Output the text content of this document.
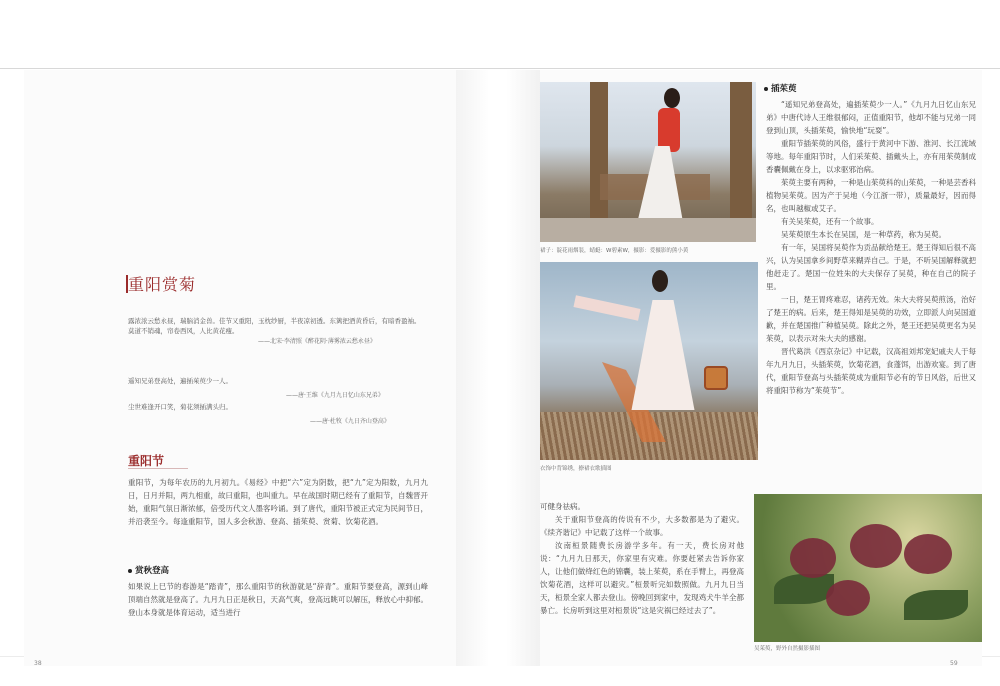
重阳赏菊
露浓浓云愁永昼，瑞脑消金兽。佳节又重阳，玉枕纱厨，半夜凉初透。东篱把酒黄昏后，有暗香盈袖。莫道不销魂，帘卷西风，人比黄花瘦。
——北宋·李清照《醉花阴·薄雾浓云愁永昼》
遥知兄弟登高处，遍插茱萸少一人。
——唐·王维《九月九日忆山东兄弟》
尘世难逢开口笑，菊花须插满头归。
——唐·杜牧《九日齐山登高》
重阳节
重阳节，为每年农历的九月初九。《易经》中把“六”定为阴数，把“九”定为阳数，九月九日，日月并阳，两九相重，故曰重阳，也叫重九。早在战国时期已经有了重阳节，自魏晋开始，重阳气氛日渐浓郁，倍受历代文人墨客吟诵。到了唐代，重阳节被正式定为民间节日，并沿袭至今。每逢重阳节，国人多会秋游、登高、插茱萸、赏菊、饮菊花酒。
赏秋登高
如果说上巳节的春游是“踏青”，那么重阳节的秋游就是“辞青”。重阳节要登高，源到山峰顶端自然就是登高了。九月九日正是秋日，天高气爽，登高远眺可以解压，释放心中抑郁。登山本身就是体育运动，适当进行
38	59
裙子：靛花雨烟装，蜻蜓：W碧素W，摄影：爱摄影的熊小黄
衣饰中背锦绣，撩裙衣歌插图
吴茱萸，野外自然摄影插图
插茱萸
“遥知兄弟登高处，遍插茱萸少一人。”《九月九日忆山东兄弟》中唐代诗人王维很郁闷，正值重阳节，他却不能与兄弟一同登到山顶，头插茱萸，愉快地“玩耍”。
重阳节插茱萸的风俗，盛行于黄河中下游、淮河、长江流域等地。每年重阳节时，人们采茱萸、插戴头上，亦有用茱萸制成香囊佩戴在身上，以求驱邪治病。
茱萸主要有两种，一种是山茱萸科的山茱萸，一种是芸香科植物吴茱萸。因为产于吴地（今江浙一带），质量最好，因而得名，也叫越椒或艾子。
有关吴茱萸，还有一个故事。
吴茱萸原生本长在吴国，是一种草药，称为吴萸。
有一年，吴国将吴萸作为贡品献给楚王。楚王得知后很不高兴，认为吴国拿乡间野草来糊弄自己。于是，不听吴国解释就把他赶走了。楚国一位姓朱的大夫保存了吴萸，种在自己的院子里。
一日，楚王胃疼难忍，诸药无效。朱大夫将吴萸煎汤，治好了楚王的病。后来，楚王得知是吴萸的功效，立即派人向吴国道歉，并在楚国推广种植吴萸。除此之外，楚王还把吴萸更名为吴茱萸，以表示对朱大夫的感谢。
晋代葛洪《西京杂记》中记载，汉高祖刘邦宠妃戚夫人于每年九月九日，头插茱萸，饮菊花酒，食蓬饵，出游欢宴。到了唐代，重阳节登高与头插茱萸成为重阳节必有的节日风俗，后世又将重阳节称为“茱萸节”。
可健身祛病。
关于重阳节登高的传说有不少，大多数都是为了避灾。《续齐谐记》中记载了这样一个故事。
汝南桓景随费长房游学多年。有一天，费长房对他说：“九月九日那天，你家里有灾难。你要赶紧去告诉你家人，让他们做绛红色的锦囊，装上茱萸，系在手臂上，再登高饮菊花酒，这样可以避灾。”桓景听完如数照做。九月九日当天，桓景全家人都去登山。傍晚回到家中，发现鸡犬牛羊全都暴亡。长房听到这里对桓景说“这是灾祸已经过去了”。
